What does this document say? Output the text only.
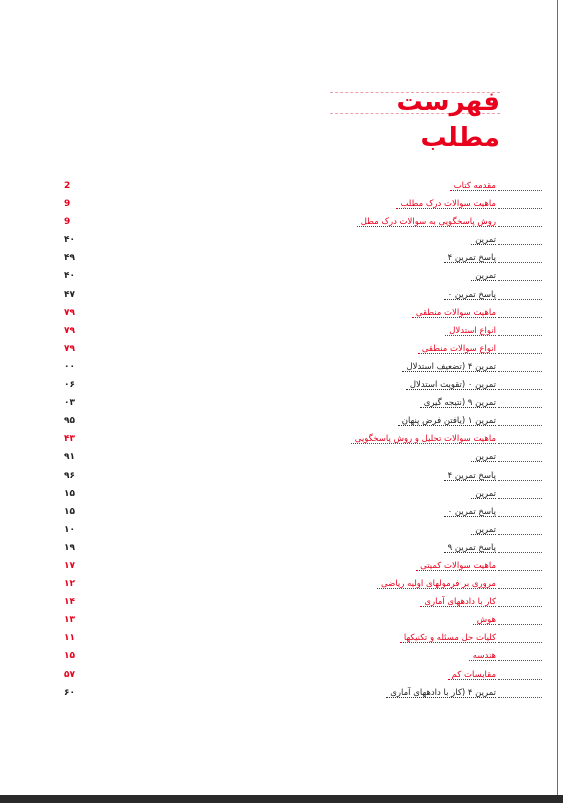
فهرست مطلب
2	مقدمه کتاب
9	ماهیت سوالات درک مطلب
9	روش پاسخگویی به سوالات درک مطل
۴۰	تمرین
۴۹	پاسخ تمرین ۴
۴۰	تمرین
۴۷	پاسخ تمرین ۰
۷۹	ماهیت سوالات منطقی
۷۹	انواع استدلال
۷۹	انواع سوالات منطقی
۰۰	تمرین ۴ (تضعیف استدلال
۰۶	تمرین ۰ (تقویت استدلال
۰۳	تمرین ۹ (نتیجه گیری
۹۵	تمرین ۱ (یافتن فرض پنهان
۴۳	ماهیت سوالات تحلیل و روش پاسخگویی
۹۱	تمرین
۹۶	پاسخ تمرین ۴
۱۵	تمرین
۱۵	پاسخ تمرین ۰
۱۰	تمرین
۱۹	پاسخ تمرین ۹
۱۷	ماهیت سوالات کمیتی
۱۲	مروری بر فرمولهای اولیه ریاضی
۱۴	کار با دادههای آماری
۱۳	هوش
۱۱	کلیات حل مسئله و تکنیکها
۱۵	هندسه
۵۷	مقایسات کم
۶۰	تمرین ۴ (کار با دادههای آماری
